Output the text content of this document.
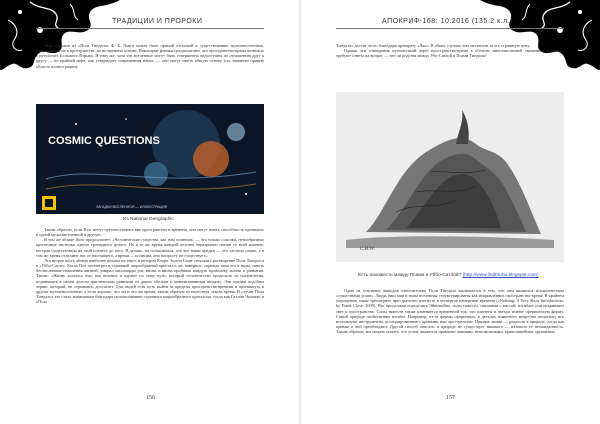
ТРАДИЦИИ И ПРОРОКИ

Этот отрывок из «Псов Тиндала» Ф. Б. Лонга может быть прямой отсылкой к существованию мультивселенных, соединённых не в пространстве, но во времени основе. Некоторые физики предполагают, что пространство-время возникло в результате Большого Взрыва. Я тому же, хотя эти вселенные могут быть совершенно недоступны по отношению друг к другу — по крайней мере, как утверждает современная наука, — они могут иметь общую основу (см. нижнюю правую область иллюстрации):

COSMIC QUESTIONS
ЗАГАДКИ ВСЕЛЕННОЙ — ИЛЛЮСТРАЦИЯ
Из National Geographic

Таким образом, если Псы могут путешествовать вне пространства и времени, они могут иметь способность проникать в одной мультивселенной в другую.

В том же абзаце Лонг предполагает: «Человеческие существа, как нам помнишь, — это только осколки, невообразимо крошечные частички одного громадного целого. Но я то же время каждый человек неразрывно связан со всей жизнью, которая существовала на этой планете до него. Я думаю, ты согласишься, что все наши предки — это частица самих, а в том же время отделяют нас от настоящего, а время — иллюзия, оно попросту не существует».

Эта вторая часть абзаца наиболее похожа на текст, в котором Кларк Эштон Смит описывал растворение Пола Тиндалса в «Уббо-Сатле». Когда Пол посмотрел в странный шарообразный кристалл, он, наверное, «прежде пока его в воды, сквозь бесчисленные поколения жизней, умирал миллиарды раз, вновь и вновь пробивая каждую проволоку жизни и развития. Таким: «Жизнь казалась ему, как великое и единое по тому пути, который человечество проделало за тысячелетия, поднимаясь в своём долгом циклическом развитии от диких обезьян к цивилизованным людям». Эти предки подобны червю, который, не отрываясь, достигает. Для людей есть путь выйти за пределы пространства-времени и проникнуть в другие мультивселенные, а если хорошо, что ты и это же время, таким образом путешествуя сквозь время. В случае Пола Тиндалса это стало возможным благодаря использованию странного шарообразного кристалла, тогда как Галлин Чалмерс в «Псах

156
АПОКРИФ-168: 10.2016 (135.2 к.л.)

Тиндала» достиг этого благодаря препарату «Лао». В обоих случаях они заплатили за это страшную цену.

Однако эти совпадения путешествий через пространство-время в области многочисленной связанной сущности требуют ответа на вопрос — нет ли родства между Убо-Сатлой и Псами Тиндала?

C.H.W.
Есть похожесть между Псами и Уббо-Сатлой? (http://www.lindthuhu.blogspot.com)

Один из основных выводов относительно Псов Тиндала заключается в том, что они являются исключительно «существами углов». Люди, наш мир и наша вселенная структурированы как искривлённое пространство-время. В крайнем упрощении, наше трёхмерное пространство изогнуто в четвёртое измерение времени («Nothing: A Very Short Introduction» by Frank Close, 2009). Нас продолжая определять Эйнштейна, силы тяжести, связанная с массой, изгибает или искривляет свет и пространство. Силы тяжести также изменяется временной ток, что планеты и звёзды имеют сферическую форму. Самой природе свойственны изгибы. Например, из-за формы сферичных, в деталях животного вещества поскольку все используют инструменты, ассоциированные с кривыми или пространство. Прямые линии — редкость в природе, тогда как кривые в ней преобладают. Другой способ описать: в природе не существует никакого — назовите её неожиданность. Таким образом, мы можем сказать, что углов, являются прямыми линиями, невозможными, криволинейные организмы.

157
